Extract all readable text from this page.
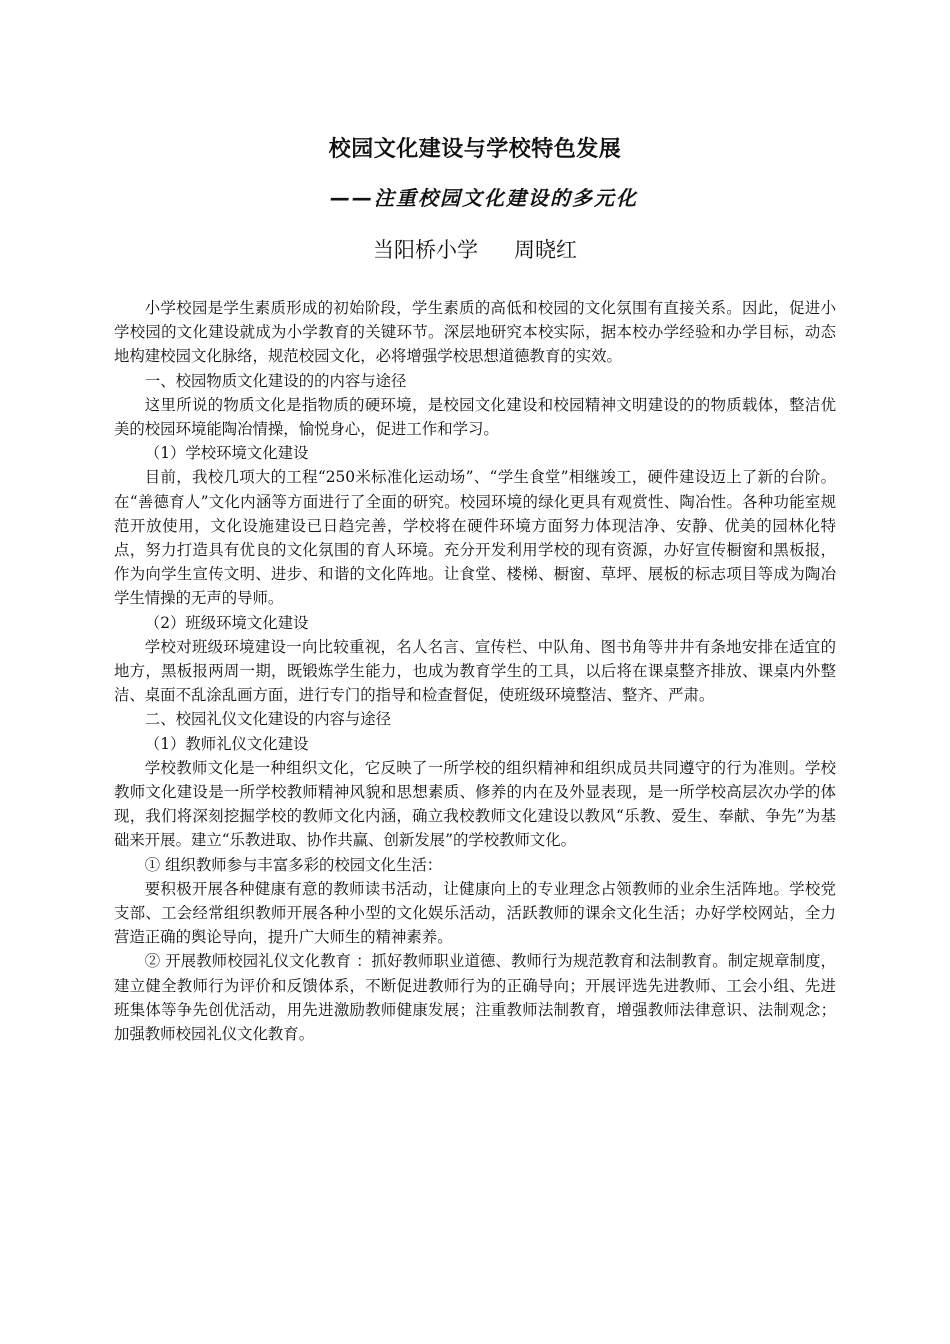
校园文化建设与学校特色发展
——注重校园文化建设的多元化
当阳桥小学 周晓红

小学校园是学生素质形成的初始阶段，学生素质的高低和校园的文化氛围有直接关系。因此，促进小学校园的文化建设就成为小学教育的关键环节。深层地研究本校实际，据本校办学经验和办学目标，动态地构建校园文化脉络，规范校园文化，必将增强学校思想道德教育的实效。

一、校园物质文化建设的的内容与途径

这里所说的物质文化是指物质的硬环境，是校园文化建设和校园精神文明建设的的物质载体，整洁优美的校园环境能陶冶情操，愉悦身心，促进工作和学习。

（1）学校环境文化建设

目前，我校几项大的工程“250米标准化运动场”、“学生食堂”相继竣工，硬件建设迈上了新的台阶。在“善德育人”文化内涵等方面进行了全面的研究。校园环境的绿化更具有观赏性、陶冶性。各种功能室规范开放使用，文化设施建设已日趋完善，学校将在硬件环境方面努力体现洁净、安静、优美的园林化特点，努力打造具有优良的文化氛围的育人环境。充分开发利用学校的现有资源，办好宣传橱窗和黑板报，作为向学生宣传文明、进步、和谐的文化阵地。让食堂、楼梯、橱窗、草坪、展板的标志项目等成为陶冶学生情操的无声的导师。

（2）班级环境文化建设

学校对班级环境建设一向比较重视，名人名言、宣传栏、中队角、图书角等井井有条地安排在适宜的地方，黑板报两周一期，既锻炼学生能力，也成为教育学生的工具，以后将在课桌整齐排放、课桌内外整洁、桌面不乱涂乱画方面，进行专门的指导和检查督促，使班级环境整洁、整齐、严肃。

二、校园礼仪文化建设的内容与途径

（1）教师礼仪文化建设

学校教师文化是一种组织文化，它反映了一所学校的组织精神和组织成员共同遵守的行为准则。学校教师文化建设是一所学校教师精神风貌和思想素质、修养的内在及外显表现，是一所学校高层次办学的体现，我们将深刻挖掘学校的教师文化内涵，确立我校教师文化建设以教风“乐教、爱生、奉献、争先”为基础来开展。建立“乐教进取、协作共赢、创新发展”的学校教师文化。

① 组织教师参与丰富多彩的校园文化生活：

要积极开展各种健康有意的教师读书活动，让健康向上的专业理念占领教师的业余生活阵地。学校党支部、工会经常组织教师开展各种小型的文化娱乐活动，活跃教师的课余文化生活；办好学校网站，全力营造正确的舆论导向，提升广大师生的精神素养。

② 开展教师校园礼仪文化教育 ：抓好教师职业道德、教师行为规范教育和法制教育。制定规章制度，建立健全教师行为评价和反馈体系，不断促进教师行为的正确导向；开展评选先进教师、工会小组、先进班集体等争先创优活动，用先进激励教师健康发展；注重教师法制教育，增强教师法律意识、法制观念；加强教师校园礼仪文化教育。
